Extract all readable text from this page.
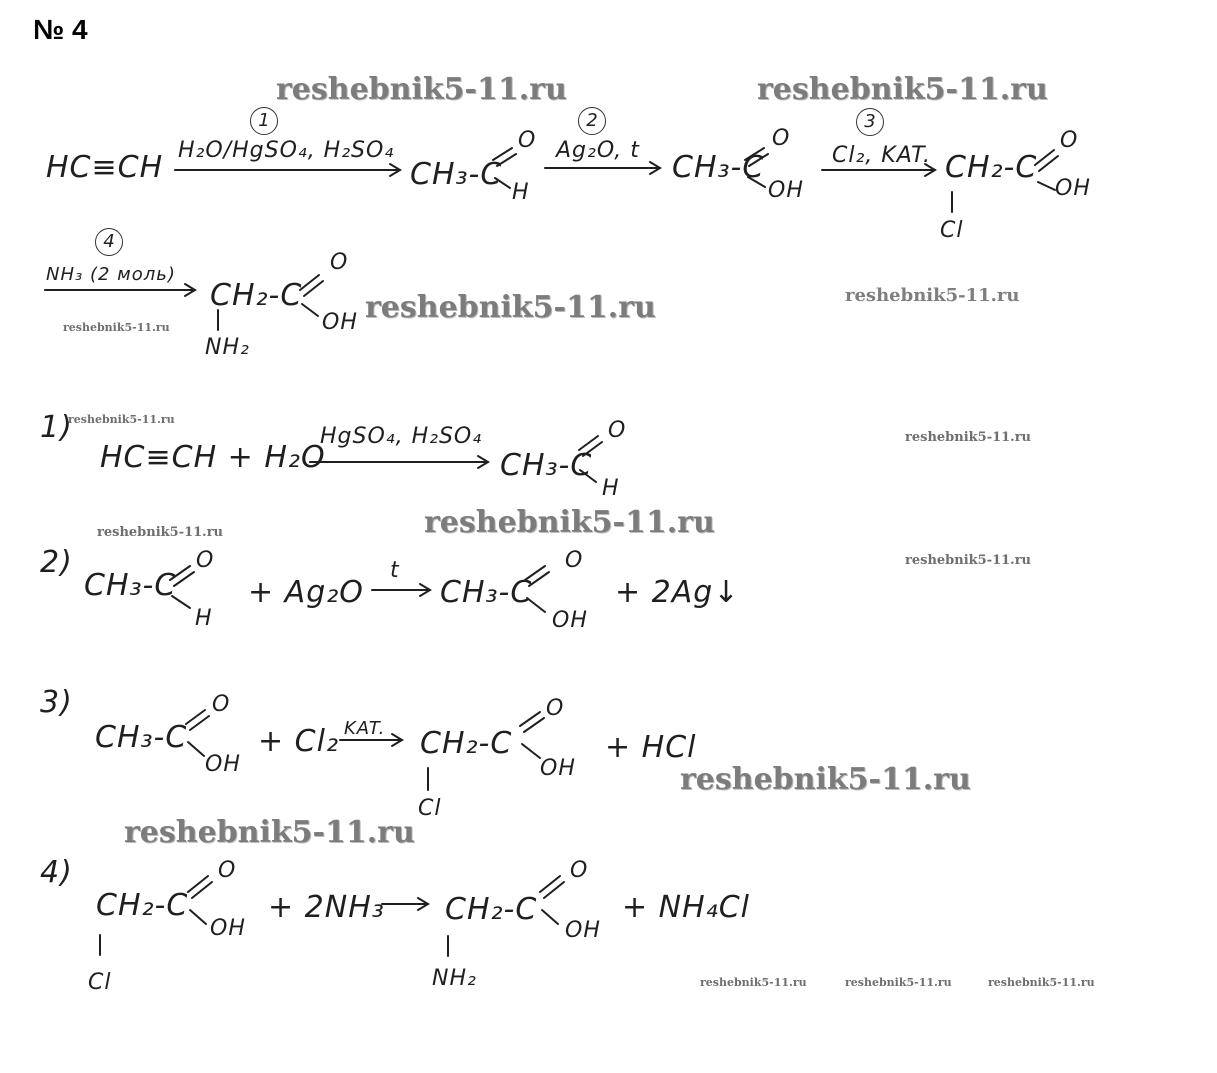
№ 4
reshebnik5-11.ru	reshebnik5-11.ru
reshebnik5-11.ru	reshebnik5-11.ru
reshebnik5-11.ru
reshebnik5-11.ru
reshebnik5-11.ru
reshebnik5-11.ru
reshebnik5-11.ru
reshebnik5-11.ru
reshebnik5-11.ru
reshebnik5-11.ru
reshebnik5-11.ru	reshebnik5-11.ru	reshebnik5-11.ru
HC≡CH H₂O/HgSO₄, H₂SO₄
1
CH₃-C
O
H
Ag₂O, t
2
CH₃-C
O
OH
Cl₂, KAT.
3
CH₂-C
O
OH
Cl
4
NH₃ (2 моль)
CH₂-C
O
OH
NH₂
1)
HC≡CH + H₂O
HgSO₄, H₂SO₄
CH₃-C
O
H
2)
CH₃-C
O
H
+ Ag₂O
t
CH₃-C
O
OH
+ 2Ag↓
3)
CH₃-C
O
OH
+ Cl₂ KAT. CH₂-C
O
OH
Cl
+ HCl
4)
CH₂-C
O
OH
Cl
+ 2NH₃ CH₂-C
O
OH
NH₂
+ NH₄Cl
